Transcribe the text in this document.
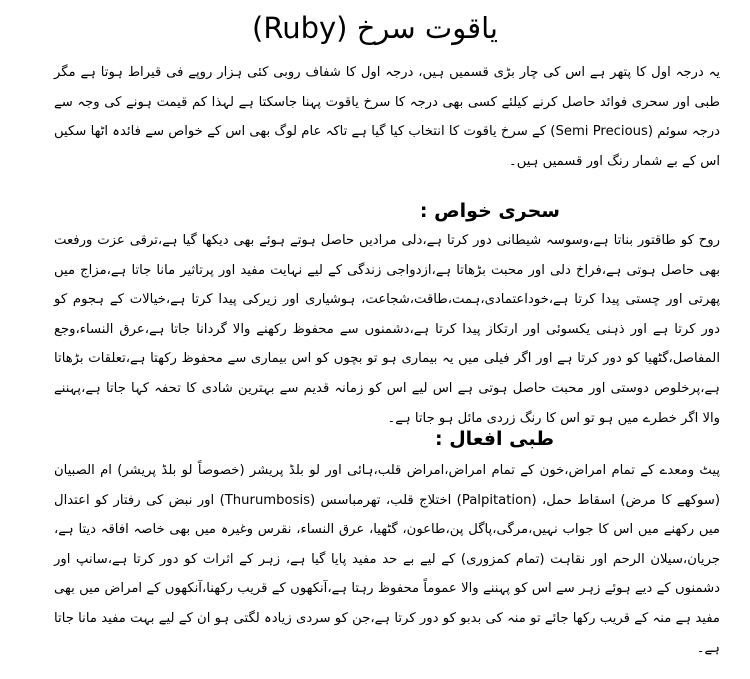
یاقوت سرخ (Ruby)

یہ درجہ اول کا پتھر ہے اس کی چار بڑی قسمیں ہیں، درجہ اول کا شفاف روبی کئی ہزار روپے فی قیراط ہوتا ہے مگر طبی اور سحری فوائد حاصل کرنے کیلئے کسی بھی درجہ کا سرخ یاقوت پہنا جاسکتا ہے لہذا کم قیمت ہونے کی وجہ سے درجہ سوئم (Semi Precious) کے سرخ یاقوت کا انتخاب کیا گیا ہے تاکہ عام لوگ بھی اس کے خواص سے فائدہ اٹھا سکیں اس کے بے شمار رنگ اور قسمیں ہیں۔

سحری خواص :

روح کو طاقتور بناتا ہے،وسوسہ شیطانی دور کرتا ہے،دلی مرادیں حاصل ہوتے ہوئے بھی دیکھا گیا ہے،ترقی عزت ورفعت بھی حاصل ہوتی ہے،فراخ دلی اور محبت بڑھاتا ہے،ازدواجی زندگی کے لیے نہایت مفید اور پرتاثیر مانا جاتا ہے،مزاج میں پھرتی اور چستی پیدا کرتا ہے،خوداعتمادی،ہمت،طاقت،شجاعت، ہوشیاری اور زیرکی پیدا کرتا ہے،خیالات کے ہجوم کو دور کرتا ہے اور ذہنی یکسوئی اور ارتکاز پیدا کرتا ہے،دشمنوں سے محفوظ رکھنے والا گردانا جاتا ہے،عرق النساء،وجع المفاصل،گٹھیا کو دور کرتا ہے اور اگر فیلی میں یہ بیماری ہو تو بچوں کو اس بیماری سے محفوظ رکھتا ہے،تعلقات بڑھاتا ہے،پرخلوص دوستی اور محبت حاصل ہوتی ہے اس لیے اس کو زمانہ قدیم سے بہترین شادی کا تحفہ کہا جاتا ہے،پہننے والا اگر خطرے میں ہو تو اس کا رنگ زردی مائل ہو جاتا ہے۔

طبی افعال :

پیٹ ومعدے کے تمام امراض،خون کے تمام امراض،امراض قلب،ہائی اور لو بلڈ پریشر (خصوصاً لو بلڈ پریشر) ام الصبیان (سوکھے کا مرض) اسقاط حمل، (Palpitation) اختلاج قلب، تھرمباسس (Thurumbosis) اور نبض کی رفتار کو اعتدال میں رکھنے میں اس کا جواب نہیں،مرگی،پاگل پن،طاعون، گٹھیا، عرق النساء، نقرس وغیرہ میں بھی خاصہ افاقہ دیتا ہے، جریان،سیلان الرحم اور نقاہت (تمام کمزوری) کے لیے بے حد مفید پایا گیا ہے، زہر کے اثرات کو دور کرتا ہے،سانپ اور دشمنوں کے دیے ہوئے زہر سے اس کو پہننے والا عموماً محفوظ رہتا ہے،آنکھوں کے قریب رکھنا،آنکھوں کے امراض میں بھی مفید ہے منہ کے قریب رکھا جائے تو منہ کی بدبو کو دور کرتا ہے،جن کو سردی زیادہ لگتی ہو ان کے لیے بہت مفید مانا جاتا ہے۔
